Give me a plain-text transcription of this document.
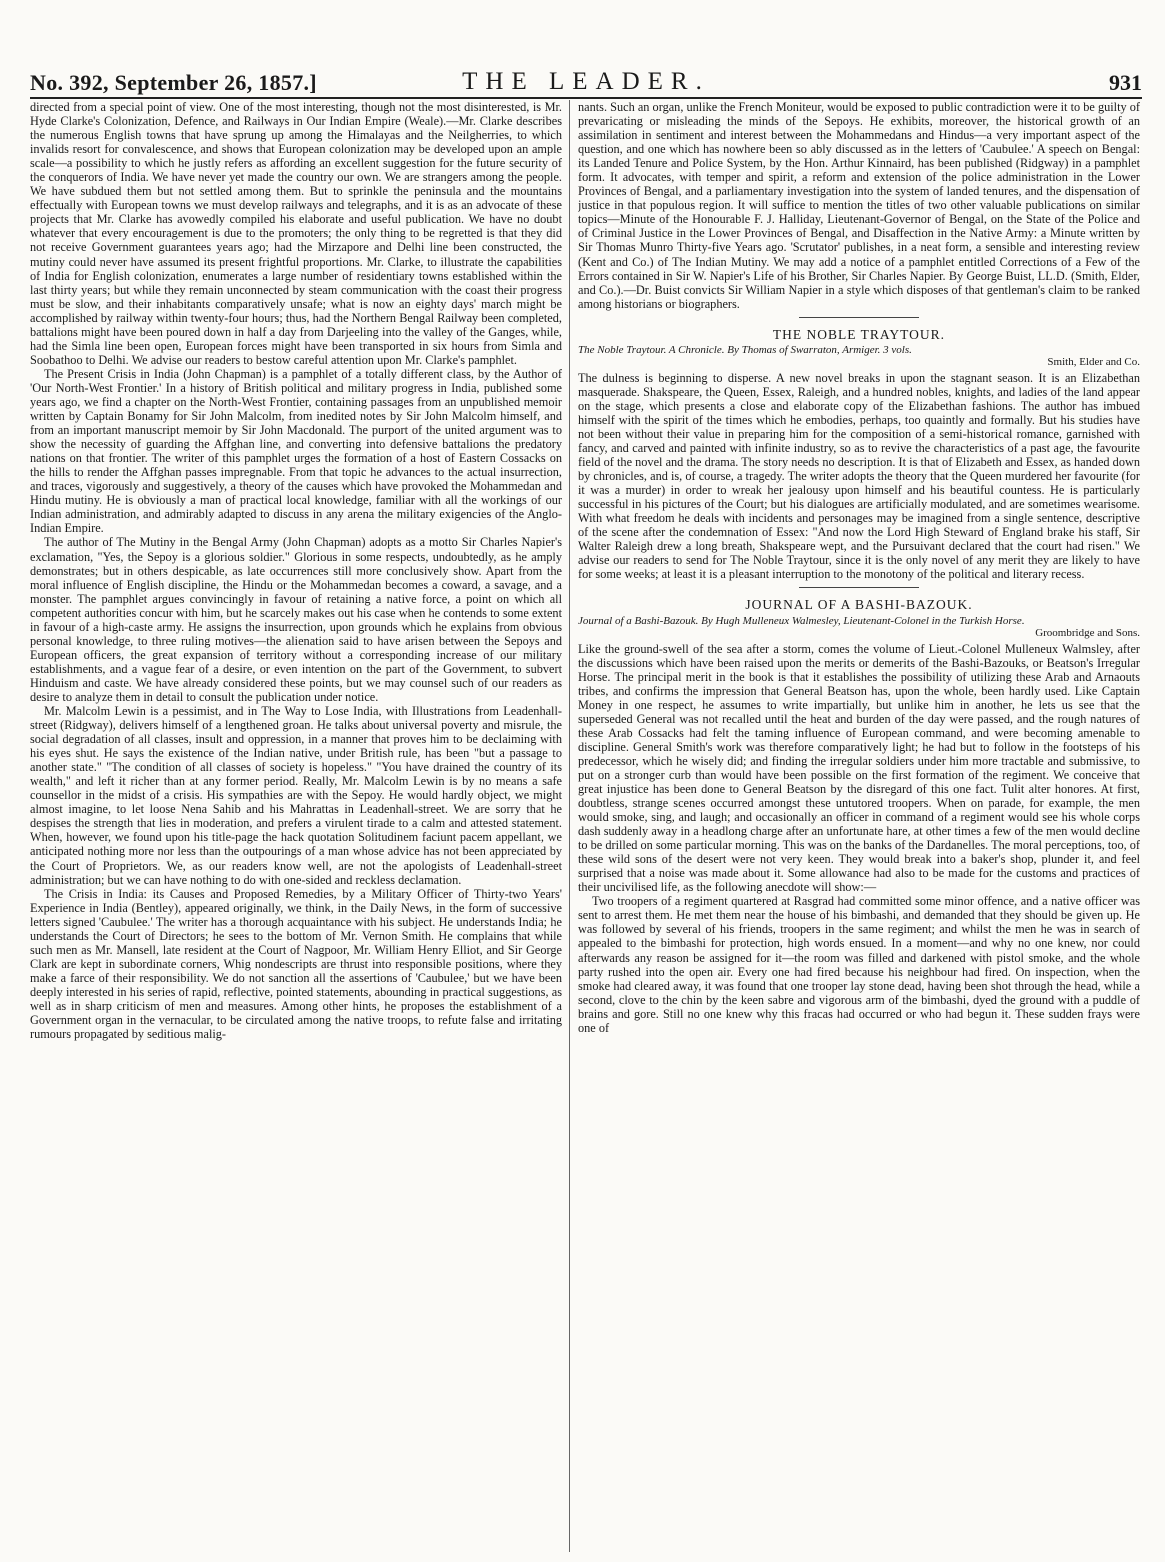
No. 392, September 26, 1857.]	THE LEADER.	931

directed from a special point of view. One of the most interesting, though not the most disinterested, is Mr. Hyde Clarke's Colonization, Defence, and Railways in Our Indian Empire (Weale).—Mr. Clarke describes the numerous English towns that have sprung up among the Himalayas and the Neilgherries, to which invalids resort for convalescence, and shows that European colonization may be developed upon an ample scale—a possibility to which he justly refers as affording an excellent suggestion for the future security of the conquerors of India. We have never yet made the country our own. We are strangers among the people. We have subdued them but not settled among them. But to sprinkle the peninsula and the mountains effectually with European towns we must develop railways and telegraphs, and it is as an advocate of these projects that Mr. Clarke has avowedly compiled his elaborate and useful publication. We have no doubt whatever that every encouragement is due to the promoters; the only thing to be regretted is that they did not receive Government guarantees years ago; had the Mirzapore and Delhi line been constructed, the mutiny could never have assumed its present frightful proportions. Mr. Clarke, to illustrate the capabilities of India for English colonization, enumerates a large number of residentiary towns established within the last thirty years; but while they remain unconnected by steam communication with the coast their progress must be slow, and their inhabitants comparatively unsafe; what is now an eighty days' march might be accomplished by railway within twenty-four hours; thus, had the Northern Bengal Railway been completed, battalions might have been poured down in half a day from Darjeeling into the valley of the Ganges, while, had the Simla line been open, European forces might have been transported in six hours from Simla and Soobathoo to Delhi. We advise our readers to bestow careful attention upon Mr. Clarke's pamphlet.

The Present Crisis in India (John Chapman) is a pamphlet of a totally different class, by the Author of 'Our North-West Frontier.' In a history of British political and military progress in India, published some years ago, we find a chapter on the North-West Frontier, containing passages from an unpublished memoir written by Captain Bonamy for Sir John Malcolm, from inedited notes by Sir John Malcolm himself, and from an important manuscript memoir by Sir John Macdonald. The purport of the united argument was to show the necessity of guarding the Affghan line, and converting into defensive battalions the predatory nations on that frontier. The writer of this pamphlet urges the formation of a host of Eastern Cossacks on the hills to render the Affghan passes impregnable. From that topic he advances to the actual insurrection, and traces, vigorously and suggestively, a theory of the causes which have provoked the Mohammedan and Hindu mutiny. He is obviously a man of practical local knowledge, familiar with all the workings of our Indian administration, and admirably adapted to discuss in any arena the military exigencies of the Anglo-Indian Empire.

The author of The Mutiny in the Bengal Army (John Chapman) adopts as a motto Sir Charles Napier's exclamation, "Yes, the Sepoy is a glorious soldier." Glorious in some respects, undoubtedly, as he amply demonstrates; but in others despicable, as late occurrences still more conclusively show. Apart from the moral influence of English discipline, the Hindu or the Mohammedan becomes a coward, a savage, and a monster. The pamphlet argues convincingly in favour of retaining a native force, a point on which all competent authorities concur with him, but he scarcely makes out his case when he contends to some extent in favour of a high-caste army. He assigns the insurrection, upon grounds which he explains from obvious personal knowledge, to three ruling motives—the alienation said to have arisen between the Sepoys and European officers, the great expansion of territory without a corresponding increase of our military establishments, and a vague fear of a desire, or even intention on the part of the Government, to subvert Hinduism and caste. We have already considered these points, but we may counsel such of our readers as desire to analyze them in detail to consult the publication under notice.

Mr. Malcolm Lewin is a pessimist, and in The Way to Lose India, with Illustrations from Leadenhall-street (Ridgway), delivers himself of a lengthened groan. He talks about universal poverty and misrule, the social degradation of all classes, insult and oppression, in a manner that proves him to be declaiming with his eyes shut. He says the existence of the Indian native, under British rule, has been "but a passage to another state." "The condition of all classes of society is hopeless." "You have drained the country of its wealth," and left it richer than at any former period. Really, Mr. Malcolm Lewin is by no means a safe counsellor in the midst of a crisis. His sympathies are with the Sepoy. He would hardly object, we might almost imagine, to let loose Nena Sahib and his Mahrattas in Leadenhall-street. We are sorry that he despises the strength that lies in moderation, and prefers a virulent tirade to a calm and attested statement. When, however, we found upon his title-page the hack quotation Solitudinem faciunt pacem appellant, we anticipated nothing more nor less than the outpourings of a man whose advice has not been appreciated by the Court of Proprietors. We, as our readers know well, are not the apologists of Leadenhall-street administration; but we can have nothing to do with one-sided and reckless declamation.

The Crisis in India: its Causes and Proposed Remedies, by a Military Officer of Thirty-two Years' Experience in India (Bentley), appeared originally, we think, in the Daily News, in the form of successive letters signed 'Caubulee.' The writer has a thorough acquaintance with his subject. He understands India; he understands the Court of Directors; he sees to the bottom of Mr. Vernon Smith. He complains that while such men as Mr. Mansell, late resident at the Court of Nagpoor, Mr. William Henry Elliot, and Sir George Clark are kept in subordinate corners, Whig nondescripts are thrust into responsible positions, where they make a farce of their responsibility. We do not sanction all the assertions of 'Caubulee,' but we have been deeply interested in his series of rapid, reflective, pointed statements, abounding in practical suggestions, as well as in sharp criticism of men and measures. Among other hints, he proposes the establishment of a Government organ in the vernacular, to be circulated among the native troops, to refute false and irritating rumours propagated by seditious malig-

nants. Such an organ, unlike the French Moniteur, would be exposed to public contradiction were it to be guilty of prevaricating or misleading the minds of the Sepoys. He exhibits, moreover, the historical growth of an assimilation in sentiment and interest between the Mohammedans and Hindus—a very important aspect of the question, and one which has nowhere been so ably discussed as in the letters of 'Caubulee.' A speech on Bengal: its Landed Tenure and Police System, by the Hon. Arthur Kinnaird, has been published (Ridgway) in a pamphlet form. It advocates, with temper and spirit, a reform and extension of the police administration in the Lower Provinces of Bengal, and a parliamentary investigation into the system of landed tenures, and the dispensation of justice in that populous region. It will suffice to mention the titles of two other valuable publications on similar topics—Minute of the Honourable F. J. Halliday, Lieutenant-Governor of Bengal, on the State of the Police and of Criminal Justice in the Lower Provinces of Bengal, and Disaffection in the Native Army: a Minute written by Sir Thomas Munro Thirty-five Years ago. 'Scrutator' publishes, in a neat form, a sensible and interesting review (Kent and Co.) of The Indian Mutiny. We may add a notice of a pamphlet entitled Corrections of a Few of the Errors contained in Sir W. Napier's Life of his Brother, Sir Charles Napier. By George Buist, LL.D. (Smith, Elder, and Co.).—Dr. Buist convicts Sir William Napier in a style which disposes of that gentleman's claim to be ranked among historians or biographers.

THE NOBLE TRAYTOUR.
The Noble Traytour. A Chronicle. By Thomas of Swarraton, Armiger. 3 vols.
Smith, Elder and Co.

The dulness is beginning to disperse. A new novel breaks in upon the stagnant season. It is an Elizabethan masquerade. Shakspeare, the Queen, Essex, Raleigh, and a hundred nobles, knights, and ladies of the land appear on the stage, which presents a close and elaborate copy of the Elizabethan fashions. The author has imbued himself with the spirit of the times which he embodies, perhaps, too quaintly and formally. But his studies have not been without their value in preparing him for the composition of a semi-historical romance, garnished with fancy, and carved and painted with infinite industry, so as to revive the characteristics of a past age, the favourite field of the novel and the drama. The story needs no description. It is that of Elizabeth and Essex, as handed down by chronicles, and is, of course, a tragedy. The writer adopts the theory that the Queen murdered her favourite (for it was a murder) in order to wreak her jealousy upon himself and his beautiful countess. He is particularly successful in his pictures of the Court; but his dialogues are artificially modulated, and are sometimes wearisome. With what freedom he deals with incidents and personages may be imagined from a single sentence, descriptive of the scene after the condemnation of Essex: "And now the Lord High Steward of England brake his staff, Sir Walter Raleigh drew a long breath, Shakspeare wept, and the Pursuivant declared that the court had risen." We advise our readers to send for The Noble Traytour, since it is the only novel of any merit they are likely to have for some weeks; at least it is a pleasant interruption to the monotony of the political and literary recess.

JOURNAL OF A BASHI-BAZOUK.
Journal of a Bashi-Bazouk. By Hugh Mulleneux Walmesley, Lieutenant-Colonel in the Turkish Horse.
Groombridge and Sons.

Like the ground-swell of the sea after a storm, comes the volume of Lieut.-Colonel Mulleneux Walmsley, after the discussions which have been raised upon the merits or demerits of the Bashi-Bazouks, or Beatson's Irregular Horse. The principal merit in the book is that it establishes the possibility of utilizing these Arab and Arnaouts tribes, and confirms the impression that General Beatson has, upon the whole, been hardly used. Like Captain Money in one respect, he assumes to write impartially, but unlike him in another, he lets us see that the superseded General was not recalled until the heat and burden of the day were passed, and the rough natures of these Arab Cossacks had felt the taming influence of European command, and were becoming amenable to discipline. General Smith's work was therefore comparatively light; he had but to follow in the footsteps of his predecessor, which he wisely did; and finding the irregular soldiers under him more tractable and submissive, to put on a stronger curb than would have been possible on the first formation of the regiment. We conceive that great injustice has been done to General Beatson by the disregard of this one fact. Tulit alter honores. At first, doubtless, strange scenes occurred amongst these untutored troopers. When on parade, for example, the men would smoke, sing, and laugh; and occasionally an officer in command of a regiment would see his whole corps dash suddenly away in a headlong charge after an unfortunate hare, at other times a few of the men would decline to be drilled on some particular morning. This was on the banks of the Dardanelles. The moral perceptions, too, of these wild sons of the desert were not very keen. They would break into a baker's shop, plunder it, and feel surprised that a noise was made about it. Some allowance had also to be made for the customs and practices of their uncivilised life, as the following anecdote will show:—

Two troopers of a regiment quartered at Rasgrad had committed some minor offence, and a native officer was sent to arrest them. He met them near the house of his bimbashi, and demanded that they should be given up. He was followed by several of his friends, troopers in the same regiment; and whilst the men he was in search of appealed to the bimbashi for protection, high words ensued. In a moment—and why no one knew, nor could afterwards any reason be assigned for it—the room was filled and darkened with pistol smoke, and the whole party rushed into the open air. Every one had fired because his neighbour had fired. On inspection, when the smoke had cleared away, it was found that one trooper lay stone dead, having been shot through the head, while a second, clove to the chin by the keen sabre and vigorous arm of the bimbashi, dyed the ground with a puddle of brains and gore. Still no one knew why this fracas had occurred or who had begun it. These sudden frays were one of
